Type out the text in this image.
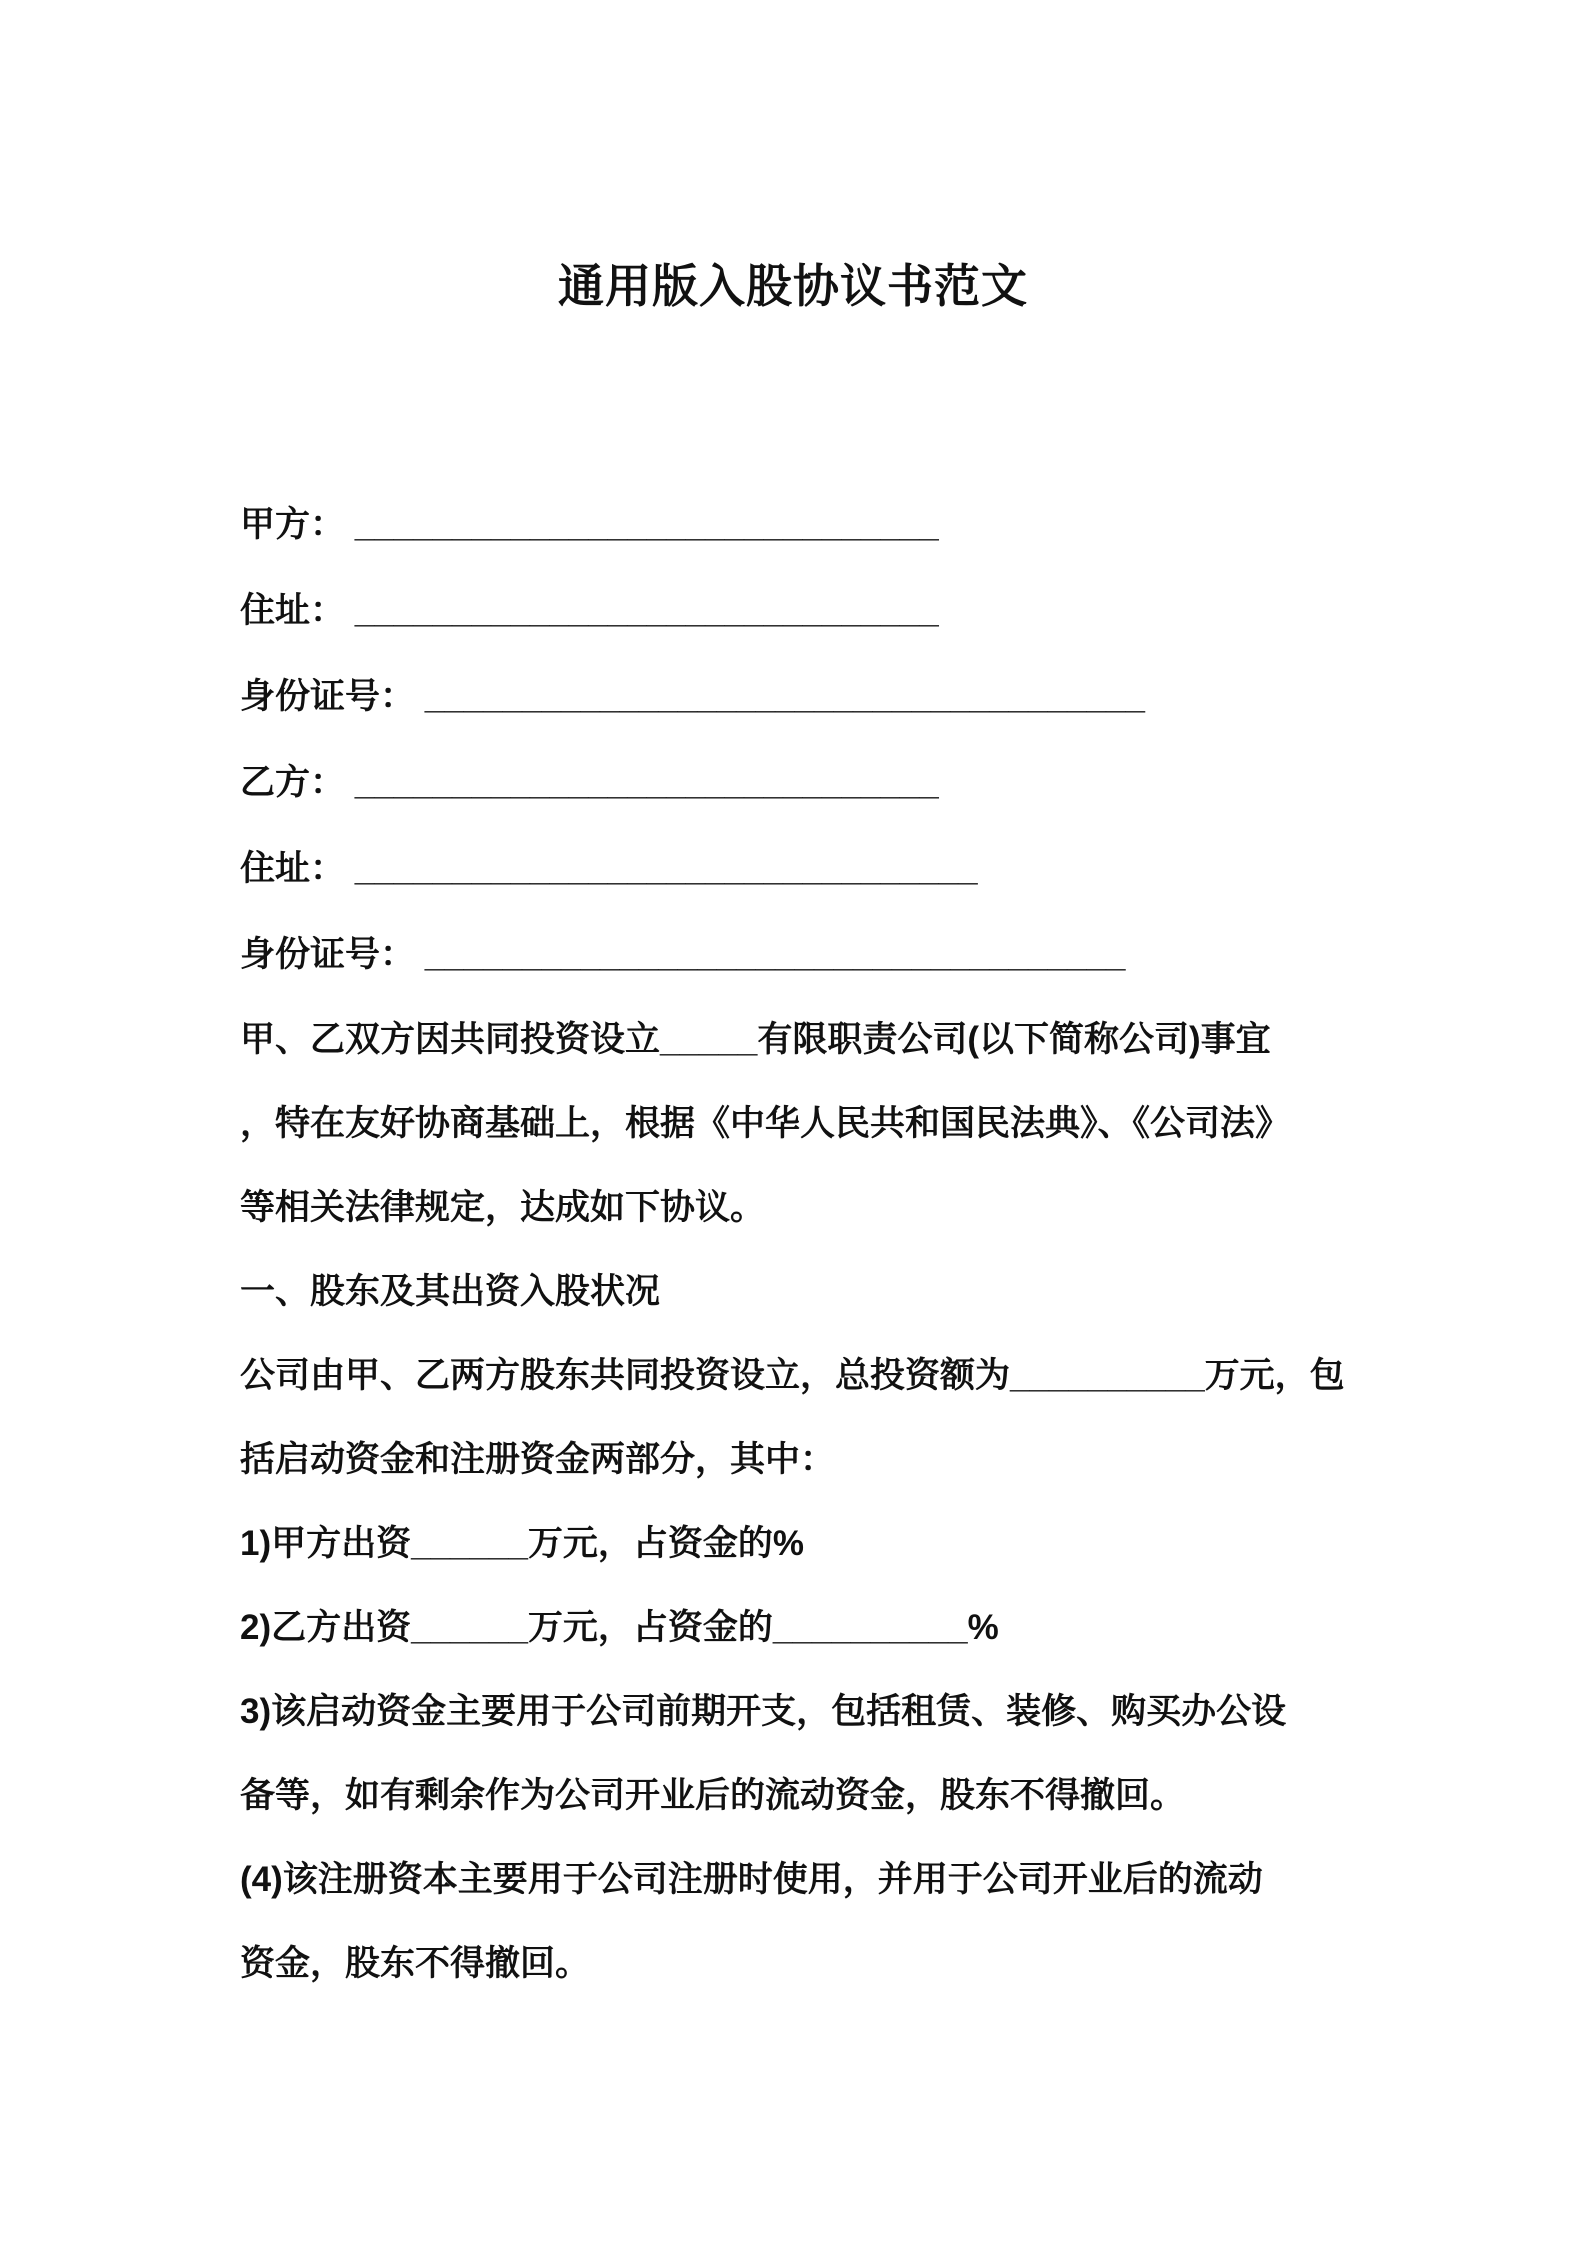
通用版入股协议书范文
甲方： ______________________________
住址： ______________________________
身份证号： _____________________________________
乙方： ______________________________
住址： ________________________________
身份证号： ____________________________________
甲、乙双方因共同投资设立_____有限职责公司(以下简称公司)事宜
，特在友好协商基础上，根据《中华人民共和国民法典》、《公司法》
等相关法律规定，达成如下协议。
一、股东及其出资入股状况
公司由甲、乙两方股东共同投资设立，总投资额为__________万元，包
括启动资金和注册资金两部分，其中：
1)甲方出资______万元，占资金的%
2)乙方出资______万元，占资金的__________%
3)该启动资金主要用于公司前期开支，包括租赁、装修、购买办公设
备等，如有剩余作为公司开业后的流动资金，股东不得撤回。
(4)该注册资本主要用于公司注册时使用，并用于公司开业后的流动
资金，股东不得撤回。
